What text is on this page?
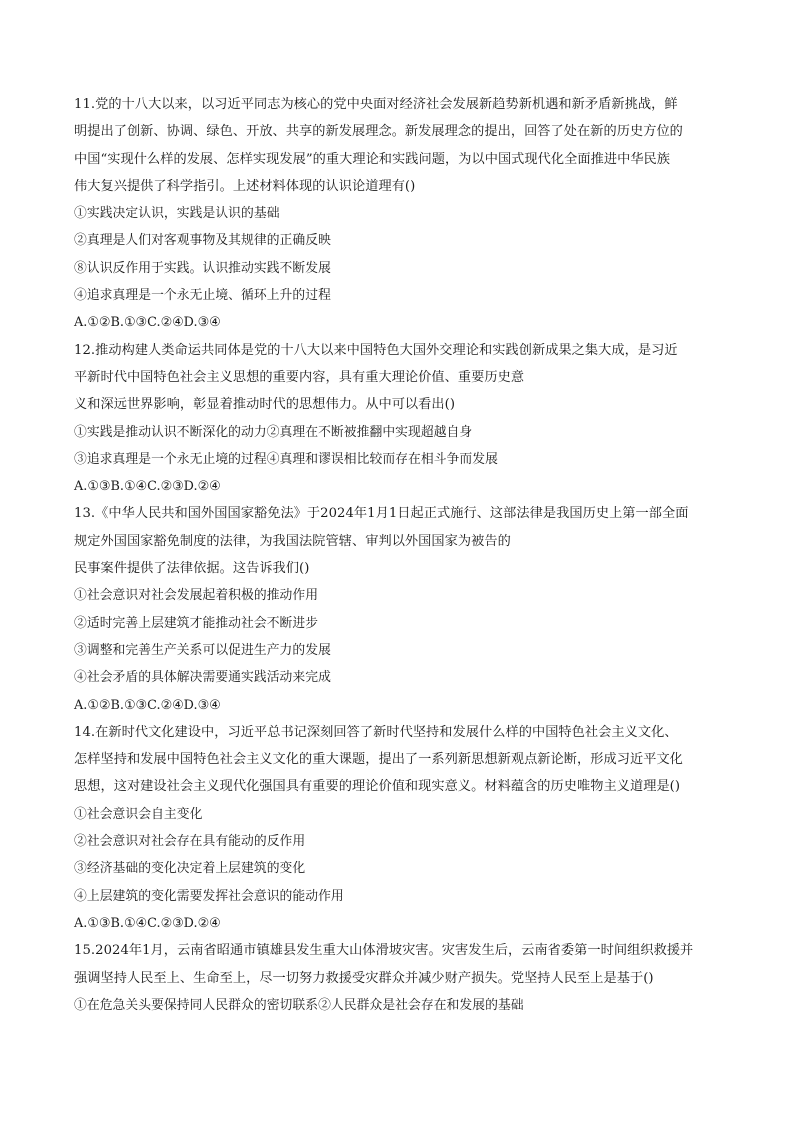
11.党的十八大以来，以习近平同志为核心的党中央面对经济社会发展新趋势新机遇和新矛盾新挑战，鲜
明提出了创新、协调、绿色、开放、共享的新发展理念。新发展理念的提出，回答了处在新的历史方位的
中国“实现什么样的发展、怎样实现发展”的重大理论和实践问题，为以中国式现代化全面推进中华民族
伟大复兴提供了科学指引。上述材料体现的认识论道理有()
①实践决定认识，实践是认识的基础
②真理是人们对客观事物及其规律的正确反映
⑧认识反作用于实践。认识推动实践不断发展
④追求真理是一个永无止境、循环上升的过程
A.①②B.①③C.②④D.③④
12.推动构建人类命运共同体是党的十八大以来中国特色大国外交理论和实践创新成果之集大成，是习近
平新时代中国特色社会主义思想的重要内容，具有重大理论价值、重要历史意
义和深远世界影响，彰显着推动时代的思想伟力。从中可以看出()
①实践是推动认识不断深化的动力②真理在不断被推翻中实现超越自身
③追求真理是一个永无止境的过程④真理和谬误相比较而存在相斗争而发展
A.①③B.①④C.②③D.②④
13.《中华人民共和国外国国家豁免法》于2024年1月1日起正式施行、这部法律是我国历史上第一部全面
规定外国国家豁免制度的法律，为我国法院管辖、审判以外国国家为被告的
民事案件提供了法律依据。这告诉我们()
①社会意识对社会发展起着积极的推动作用
②适时完善上层建筑才能推动社会不断进步
③调整和完善生产关系可以促进生产力的发展
④社会矛盾的具体解决需要通实践活动来完成
A.①②B.①③C.②④D.③④
14.在新时代文化建设中，习近平总书记深刻回答了新时代坚持和发展什么样的中国特色社会主义文化、
怎样坚持和发展中国特色社会主义文化的重大课题，提出了一系列新思想新观点新论断，形成习近平文化
思想，这对建设社会主义现代化强国具有重要的理论价值和现实意义。材料蕴含的历史唯物主义道理是()
①社会意识会自主变化
②社会意识对社会存在具有能动的反作用
③经济基础的变化决定着上层建筑的变化
④上层建筑的变化需要发挥社会意识的能动作用
A.①③B.①④C.②③D.②④
15.2024年1月，云南省昭通市镇雄县发生重大山体滑坡灾害。灾害发生后，云南省委第一时间组织救援并
强调坚持人民至上、生命至上，尽一切努力救援受灾群众并减少财产损失。党坚持人民至上是基于()
①在危急关头要保持同人民群众的密切联系②人民群众是社会存在和发展的基础
